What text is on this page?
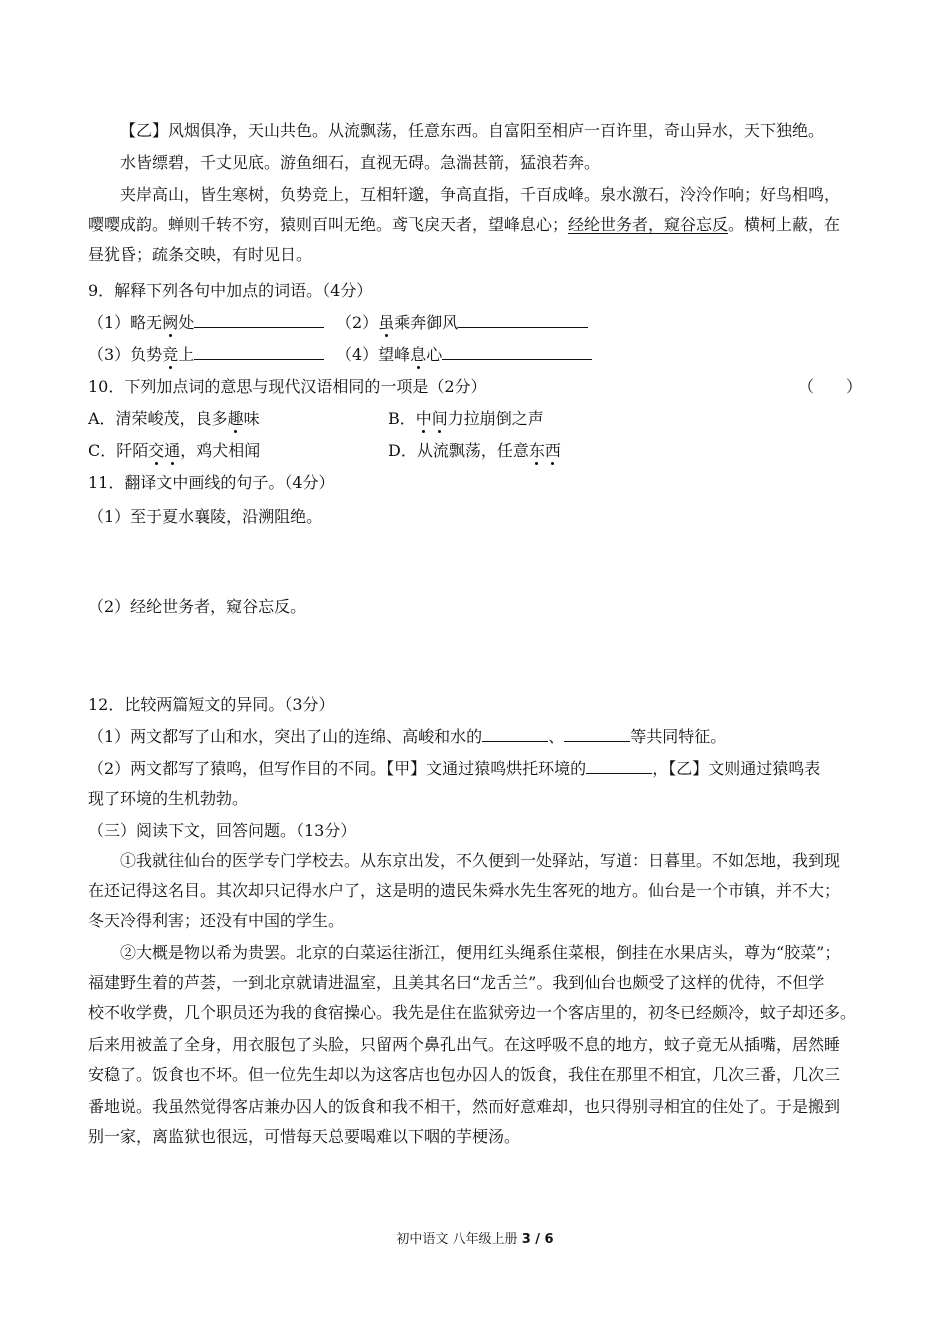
【乙】风烟俱净，天山共色。从流飘荡，任意东西。自富阳至相庐一百许里，奇山异水，天下独绝。
水皆缥碧，千丈见底。游鱼细石，直视无碍。急湍甚箭，猛浪若奔。
夹岸高山，皆生寒树，负势竞上，互相轩邈，争高直指，千百成峰。泉水激石，泠泠作响；好鸟相鸣，
嘤嘤成韵。蝉则千转不穷，猿则百叫无绝。鸢飞戾天者，望峰息心；经纶世务者，窥谷忘反。横柯上蔽，在
昼犹昏；疏条交映，有时见日。
9．解释下列各句中加点的词语。（4分）
（1）略无阙处	（2）虽乘奔御风
（3）负势竞上	（4）望峰息心
10．下列加点词的意思与现代汉语相同的一项是（2分）	（　　）
A．清荣峻茂，良多趣味	B．中间力拉崩倒之声
C．阡陌交通，鸡犬相闻	D．从流飘荡，任意东西
11．翻译文中画线的句子。（4分）
（1）至于夏水襄陵，沿溯阻绝。
（2）经纶世务者，窥谷忘反。
12．比较两篇短文的异同。（3分）
（1）两文都写了山和水，突出了山的连绵、高峻和水的	、	等共同特征。
（2）两文都写了猿鸣，但写作目的不同。【甲】文通过猿鸣烘托环境的	，【乙】文则通过猿鸣表
现了环境的生机勃勃。
（三）阅读下文，回答问题。（13分）
①我就往仙台的医学专门学校去。从东京出发，不久便到一处驿站，写道：日暮里。不如怎地，我到现
在还记得这名目。其次却只记得水户了，这是明的遗民朱舜水先生客死的地方。仙台是一个市镇，并不大；
冬天冷得利害；还没有中国的学生。
②大概是物以希为贵罢。北京的白菜运往浙江，便用红头绳系住菜根，倒挂在水果店头，尊为“胶菜”；
福建野生着的芦荟，一到北京就请进温室，且美其名曰“龙舌兰”。我到仙台也颇受了这样的优待，不但学
校不收学费，几个职员还为我的食宿操心。我先是住在监狱旁边一个客店里的，初冬已经颇冷，蚊子却还多。
后来用被盖了全身，用衣服包了头脸，只留两个鼻孔出气。在这呼吸不息的地方，蚊子竟无从插嘴，居然睡
安稳了。饭食也不坏。但一位先生却以为这客店也包办囚人的饭食，我住在那里不相宜，几次三番，几次三
番地说。我虽然觉得客店兼办囚人的饭食和我不相干，然而好意难却，也只得别寻相宜的住处了。于是搬到
别一家，离监狱也很远，可惜每天总要喝难以下咽的芋梗汤。
初中语文 八年级上册 3 / 6
